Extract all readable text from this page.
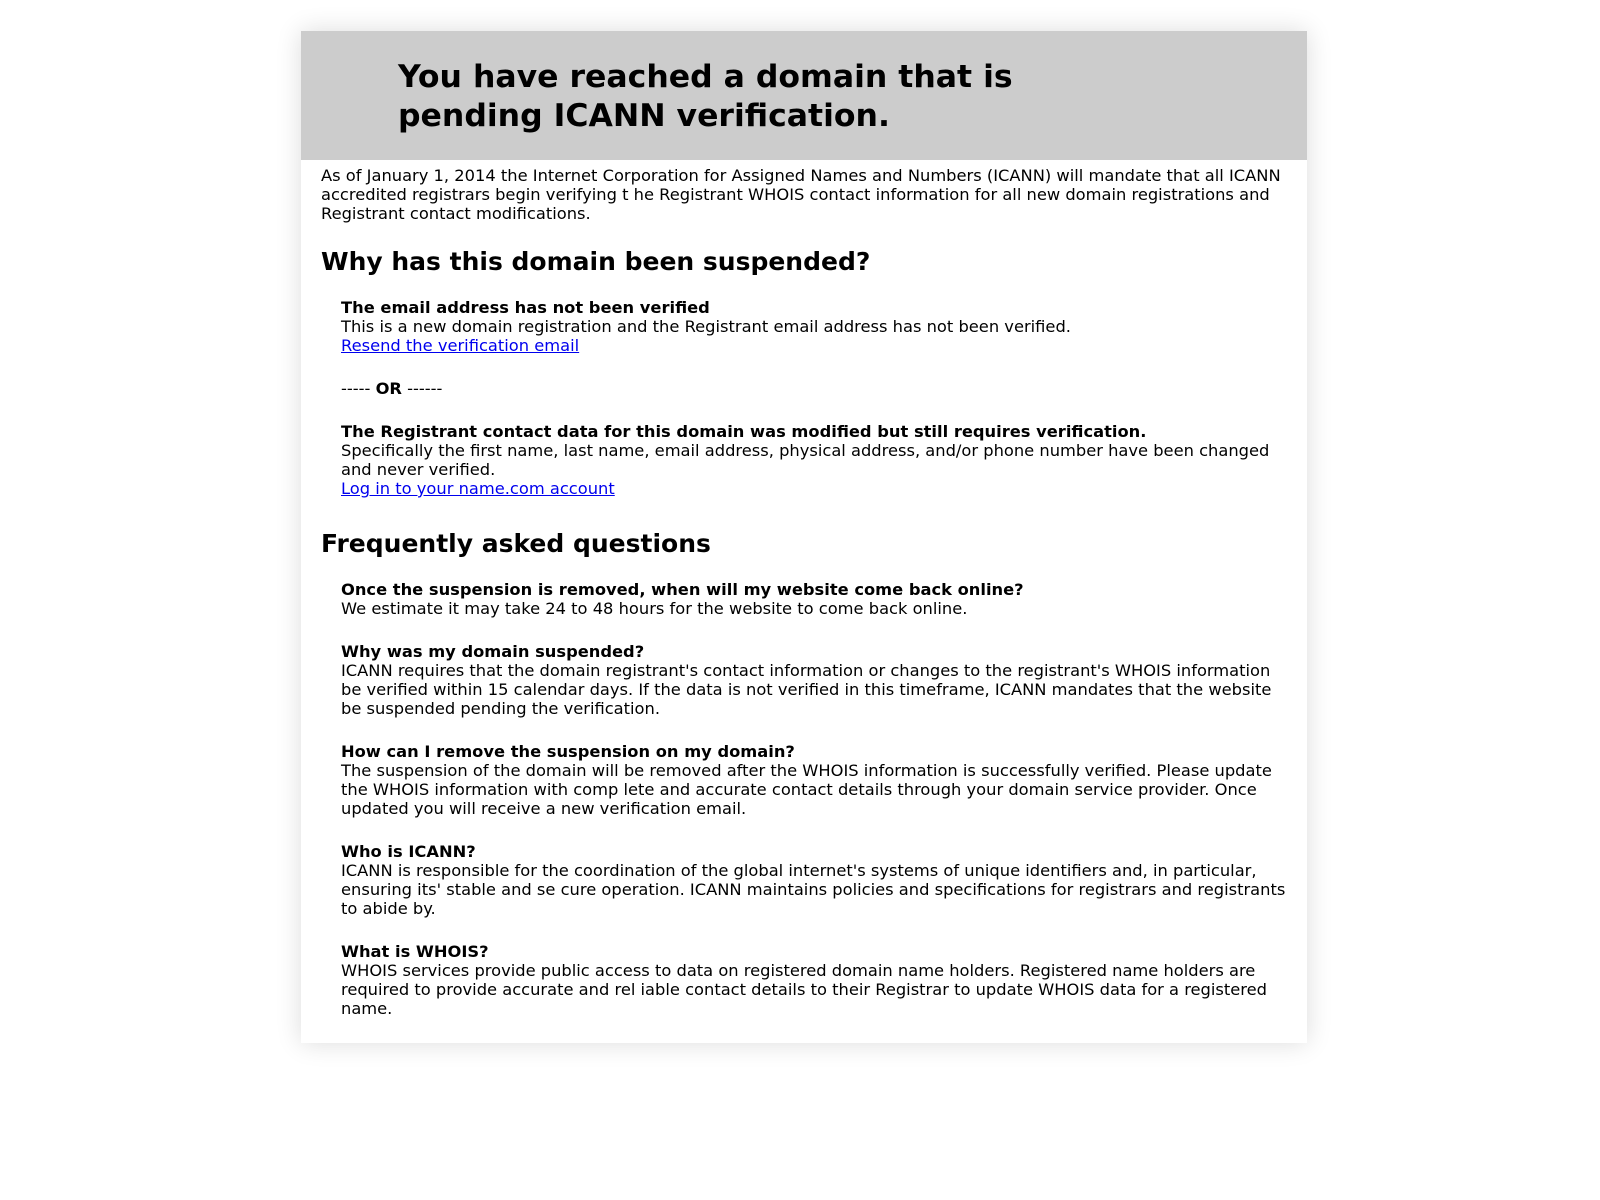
You have reached a domain that is pending ICANN verification.

As of January 1, 2014 the Internet Corporation for Assigned Names and Numbers (ICANN) will mandate that all ICANN accredited registrars begin verifying t he Registrant WHOIS contact information for all new domain registrations and Registrant contact modifications.

Why has this domain been suspended?
The email address has not been verified
This is a new domain registration and the Registrant email address has not been verified.
Resend the verification email
----- OR ------
The Registrant contact data for this domain was modified but still requires verification.
Specifically the first name, last name, email address, physical address, and/or phone number have been changed and never verified.
Log in to your name.com account
Frequently asked questions
Once the suspension is removed, when will my website come back online?
We estimate it may take 24 to 48 hours for the website to come back online.
Why was my domain suspended?
ICANN requires that the domain registrant's contact information or changes to the registrant's WHOIS information be verified within 15 calendar days. If the data is not verified in this timeframe, ICANN mandates that the website be suspended pending the verification.
How can I remove the suspension on my domain?
The suspension of the domain will be removed after the WHOIS information is successfully verified. Please update the WHOIS information with comp lete and accurate contact details through your domain service provider. Once updated you will receive a new verification email.
Who is ICANN?
ICANN is responsible for the coordination of the global internet's systems of unique identifiers and, in particular, ensuring its' stable and se cure operation. ICANN maintains policies and specifications for registrars and registrants to abide by.
What is WHOIS?
WHOIS services provide public access to data on registered domain name holders. Registered name holders are required to provide accurate and rel iable contact details to their Registrar to update WHOIS data for a registered name.
